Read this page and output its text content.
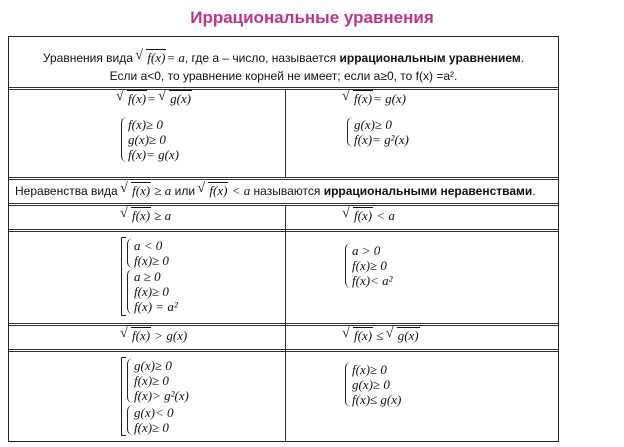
Иррациональные уравнения
Уравнения вида √ f(x)= a, где a – число, называется иррациональным уравнением.
Если a<0, то уравнение корней не имеет; если a≥0, то f(x) =a².
√ f(x)= √ g(x)
f(x)≥ 0
g(x)≥ 0
f(x)= g(x)
√ f(x)= g(x)
g(x)≥ 0
f(x)= g²(x)
Неравенства вида √ f(x) ≥ a или √ f(x) < a называются иррациональными неравенствами.
√ f(x) ≥ a	√ f(x) < a
a < 0
f(x)≥ 0
a ≥ 0
f(x)≥ 0
f(x) = a²
a > 0
f(x)≥ 0
f(x)< a²
√ f(x) > g(x)	√ f(x) ≤ √ g(x)
g(x)≥ 0
f(x)≥ 0
f(x)> g²(x)
g(x)< 0
f(x)≥ 0
f(x)≥ 0
g(x)≥ 0
f(x)≤ g(x)
